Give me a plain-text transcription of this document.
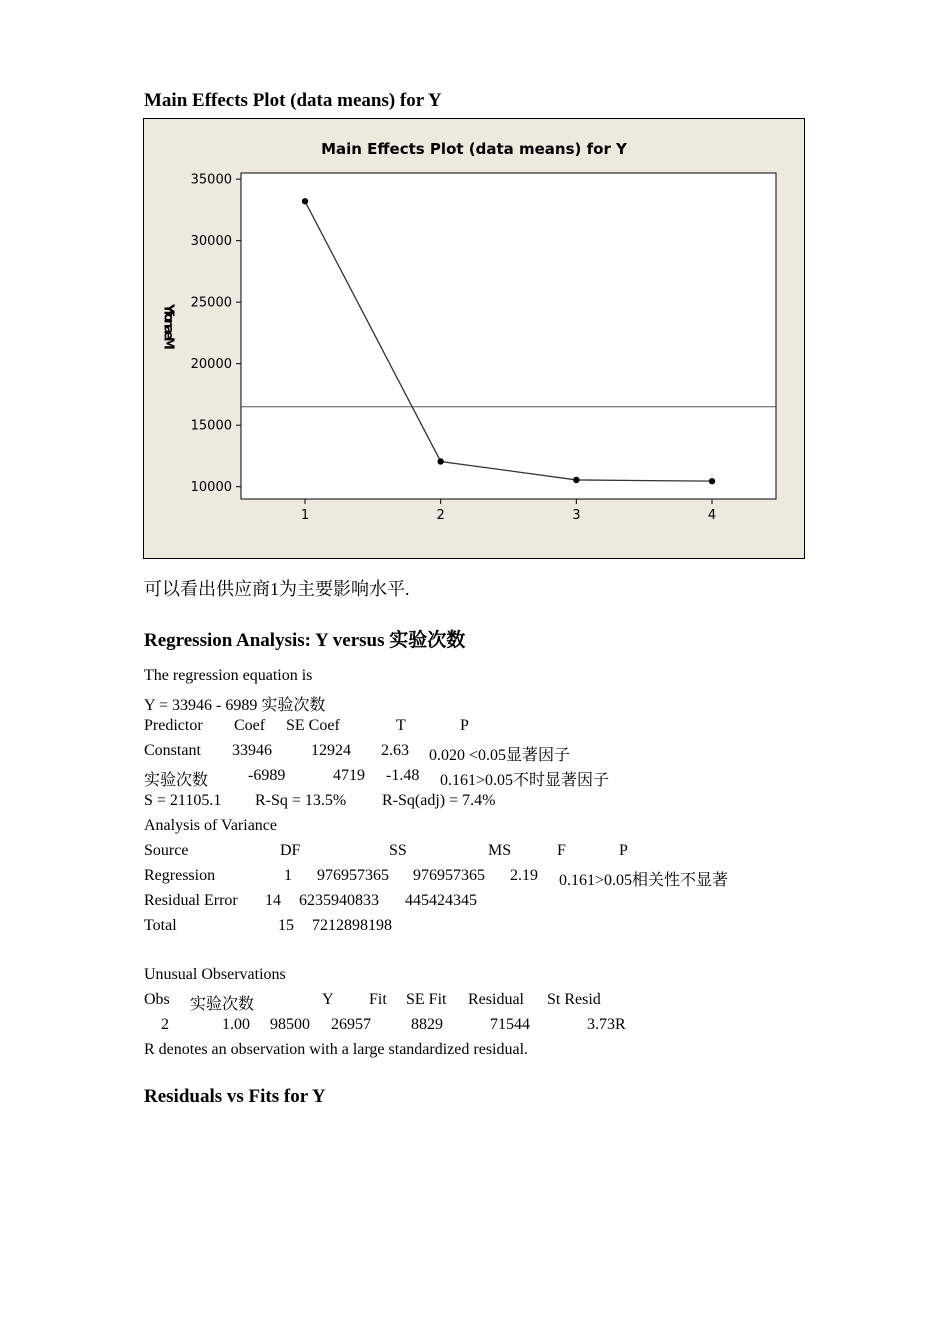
Main Effects Plot (data means) for Y
Main Effects Plot (data means) for Y
YfonaeM
10000
15000
20000
25000
30000
35000
1	2	3	4
可以看出供应商1为主要影响水平.
Regression Analysis: Y versus 实验次数
The regression equation is
Y = 33946 - 6989 实验次数
Predictor Coef SE Coef	T	P
Constant 33946 12924 2.63 0.020 <0.05显著因子
实验次数 -6989	4719 -1.48 0.161>0.05不时显著因子
S = 21105.1 R-Sq = 13.5% R-Sq(adj) = 7.4%
Analysis of Variance
Source	DF	SS	MS	F	P
Regression	1 976957365 976957365 2.19 0.161>0.05相关性不显著
Residual Error 14 6235940833 445424345
Total	15 7212898198
Unusual Observations
Obs 实验次数	Y Fit SE Fit Residual St Resid
2	1.00 98500 26957	8829	71544	3.73R
R denotes an observation with a large standardized residual.
Residuals vs Fits for Y
